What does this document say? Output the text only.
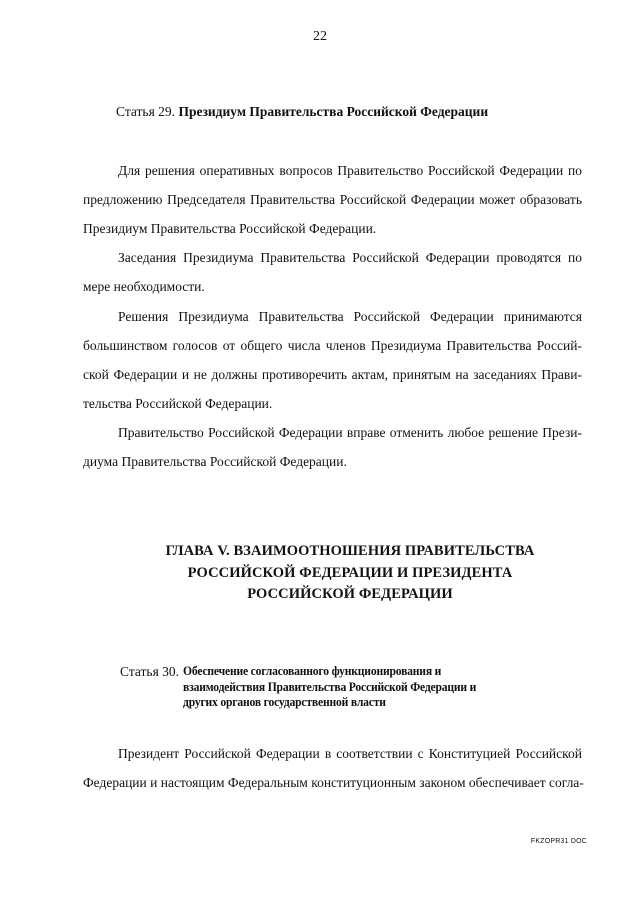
22
Статья 29. Президиум Правительства Российской Федерации
Для решения оперативных вопросов Правительство Российской Федерации по
предложению Председателя Правительства Российской Федерации может образовать
Президиум Правительства Российской Федерации.
Заседания Президиума Правительства Российской Федерации проводятся по
мере необходимости.
Решения Президиума Правительства Российской Федерации принимаются
большинством голосов от общего числа членов Президиума Правительства Россий-
ской Федерации и не должны противоречить актам, принятым на заседаниях Прави-
тельства Российской Федерации.
Правительство Российской Федерации вправе отменить любое решение Прези-
диума Правительства Российской Федерации.
ГЛАВА V. ВЗАИМООТНОШЕНИЯ ПРАВИТЕЛЬСТВА
РОССИЙСКОЙ ФЕДЕРАЦИИ И ПРЕЗИДЕНТА
РОССИЙСКОЙ ФЕДЕРАЦИИ
Статья 30. Обеспечение согласованного функционирования и
взаимодействия Правительства Российской Федерации и
других органов государственной власти
Президент Российской Федерации в соответствии с Конституцией Российской
Федерации и настоящим Федеральным конституционным законом обеспечивает согла-
FKZOPR31 DOC
